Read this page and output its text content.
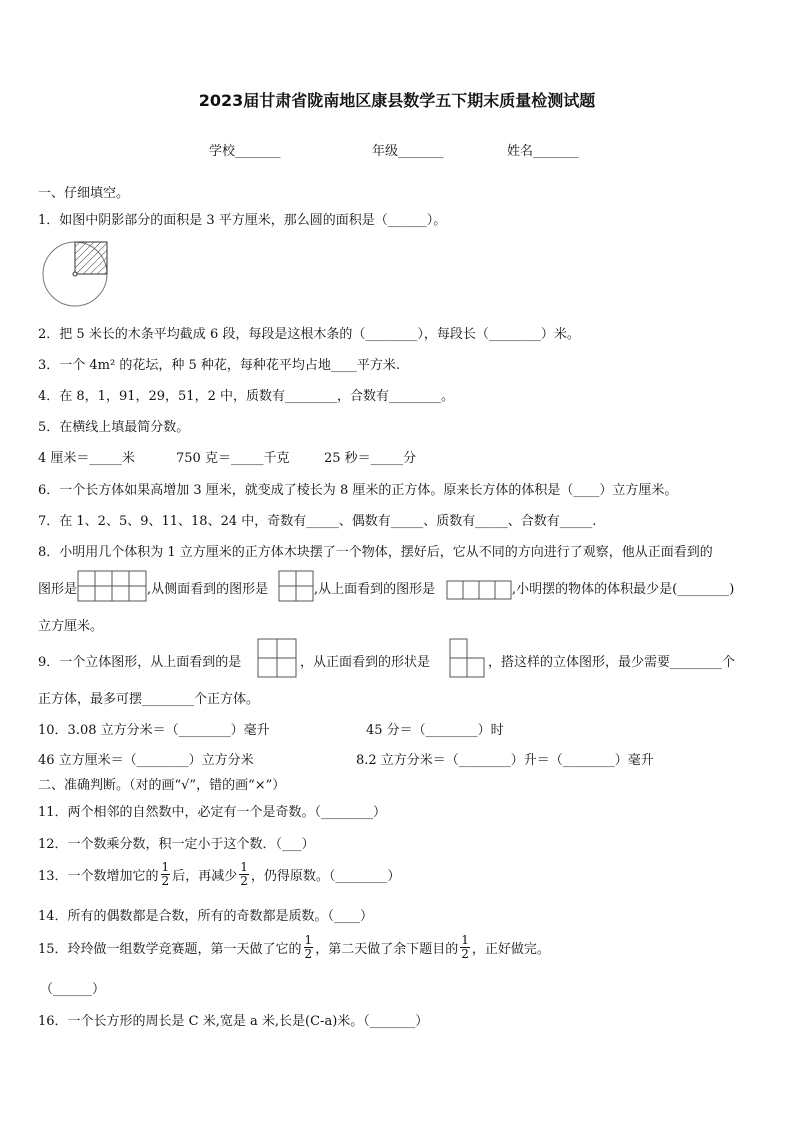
2023届甘肃省陇南地区康县数学五下期末质量检测试题
学校_______	年级_______	姓名_______
一、仔细填空。
1．如图中阴影部分的面积是 3 平方厘米，那么圆的面积是（______）。
2．把 5 米长的木条平均截成 6 段，每段是这根木条的（________），每段长（________）米。
3．一个 4m² 的花坛，种 5 种花，每种花平均占地____平方米.
4．在 8，1，91，29，51，2 中，质数有________，合数有________。
5．在横线上填最简分数。
4 厘米＝_____米	750 克＝_____千克	25 秒＝_____分
6．一个长方体如果高增加 3 厘米，就变成了棱长为 8 厘米的正方体。原来长方体的体积是（____）立方厘米。
7．在 1、2、5、9、11、18、24 中，奇数有_____、偶数有_____、质数有_____、合数有_____.
8．小明用几个体积为 1 立方厘米的正方体木块摆了一个物体，摆好后，它从不同的方向进行了观察，他从正面看到的
图形是	,从侧面看到的图形是	,从上面看到的图形是	,小明摆的物体的体积最少是(________)
立方厘米。
9．一个立体图形，从上面看到的是	，从正面看到的形状是	，搭这样的立体图形，最少需要________个
正方体，最多可摆________个正方体。
10．3.08 立方分米＝（________）毫升	45 分＝（________）时
46 立方厘米＝（________）立方分米	8.2 立方分米＝（________）升＝（________）毫升
二、准确判断。（对的画“√”，错的画“×”）
11．两个相邻的自然数中，必定有一个是奇数。（________）
12．一个数乘分数，积一定小于这个数．（___）
13．一个数增加它的 $\frac{1}{2}$ 后，再减少 $\frac{1}{2}$ ，仍得原数。（________）
14．所有的偶数都是合数，所有的奇数都是质数。（____）
15．玲玲做一组数学竞赛题，第一天做了它的 $\frac{1}{2}$ ，第二天做了余下题目的 $\frac{1}{2}$ ，正好做完。
（______）
16．一个长方形的周长是 C 米,宽是 a 米,长是(C-a)米。（_______）
